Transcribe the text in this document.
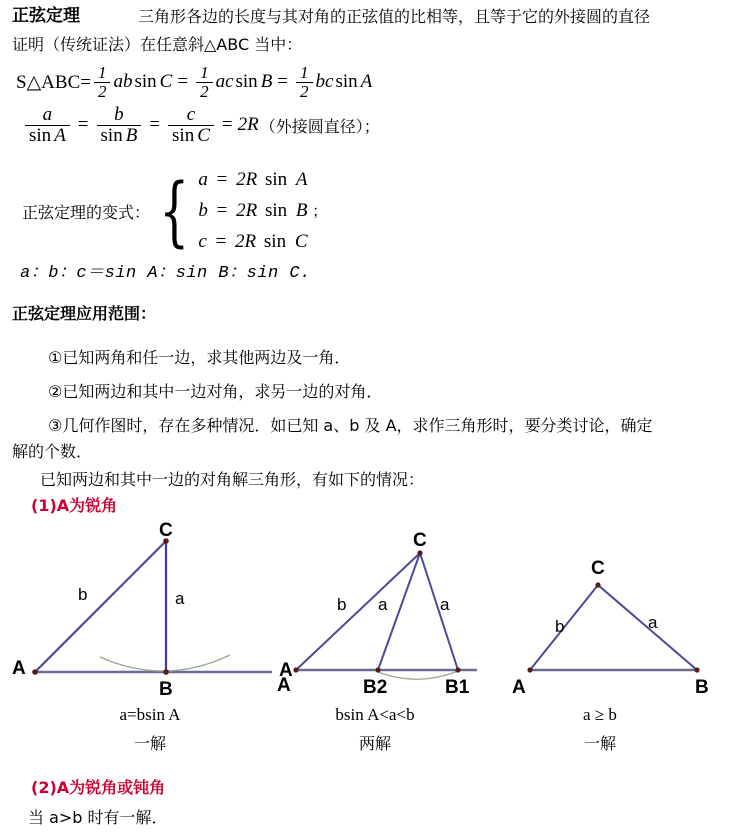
正弦定理	三角形各边的长度与其对角的正弦值的比相等，且等于它的外接圆的直径
证明（传统证法）在任意斜△ABC 当中：
S△ABC= $\frac{1}{2}$ ab $\sin C = \frac{1}{2}$ ac $\sin B = \frac{1}{2}$ bc sin A
$\frac{a}{\text{sin A}} = \frac{b}{\text{sin B}} = \frac{c}{\text{sin C}} = 2R$ （外接圆直径）；
正弦定理的变式： { a = 2R sin A
b = 2R sin B ；
c = 2R sin C
a：b：c＝sin A：sin B：sin C.
正弦定理应用范围：
①已知两角和任一边，求其他两边及一角．
②已知两边和其中一边对角，求另一边的对角．
③几何作图时，存在多种情况．如已知 a、b 及 A，求作三角形时，要分类讨论，确定
解的个数．
已知两边和其中一边的对角解三角形，有如下的情况：
(1)A为锐角
A
B
C
A
b	a
A	B2	B1
C
b a	a
A	B
C
b	a
a=bsin A
一解
bsin A<a<b
两解
a ≥ b
一解
(2)A为锐角或钝角
当 a>b 时有一解．
